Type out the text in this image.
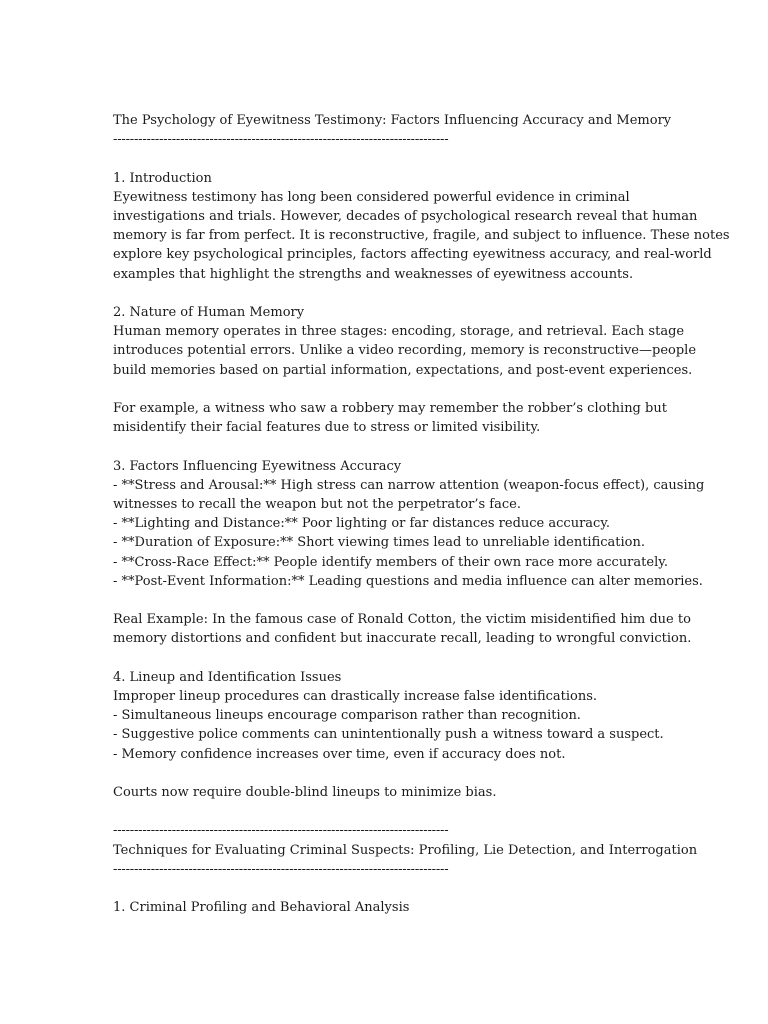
The Psychology of Eyewitness Testimony: Factors Influencing Accuracy and Memory
--------------------------------------------------------------------------------
1. Introduction
Eyewitness testimony has long been considered powerful evidence in criminal
investigations and trials. However, decades of psychological research reveal that human
memory is far from perfect. It is reconstructive, fragile, and subject to influence. These notes
explore key psychological principles, factors affecting eyewitness accuracy, and real-world
examples that highlight the strengths and weaknesses of eyewitness accounts.
2. Nature of Human Memory
Human memory operates in three stages: encoding, storage, and retrieval. Each stage
introduces potential errors. Unlike a video recording, memory is reconstructive—people
build memories based on partial information, expectations, and post-event experiences.
For example, a witness who saw a robbery may remember the robber’s clothing but
misidentify their facial features due to stress or limited visibility.
3. Factors Influencing Eyewitness Accuracy
- **Stress and Arousal:** High stress can narrow attention (weapon-focus effect), causing
witnesses to recall the weapon but not the perpetrator’s face.
- **Lighting and Distance:** Poor lighting or far distances reduce accuracy.
- **Duration of Exposure:** Short viewing times lead to unreliable identification.
- **Cross-Race Effect:** People identify members of their own race more accurately.
- **Post-Event Information:** Leading questions and media influence can alter memories.
Real Example: In the famous case of Ronald Cotton, the victim misidentified him due to
memory distortions and confident but inaccurate recall, leading to wrongful conviction.
4. Lineup and Identification Issues
Improper lineup procedures can drastically increase false identifications.
- Simultaneous lineups encourage comparison rather than recognition.
- Suggestive police comments can unintentionally push a witness toward a suspect.
- Memory confidence increases over time, even if accuracy does not.
Courts now require double-blind lineups to minimize bias.
--------------------------------------------------------------------------------
Techniques for Evaluating Criminal Suspects: Profiling, Lie Detection, and Interrogation
--------------------------------------------------------------------------------
1. Criminal Profiling and Behavioral Analysis
